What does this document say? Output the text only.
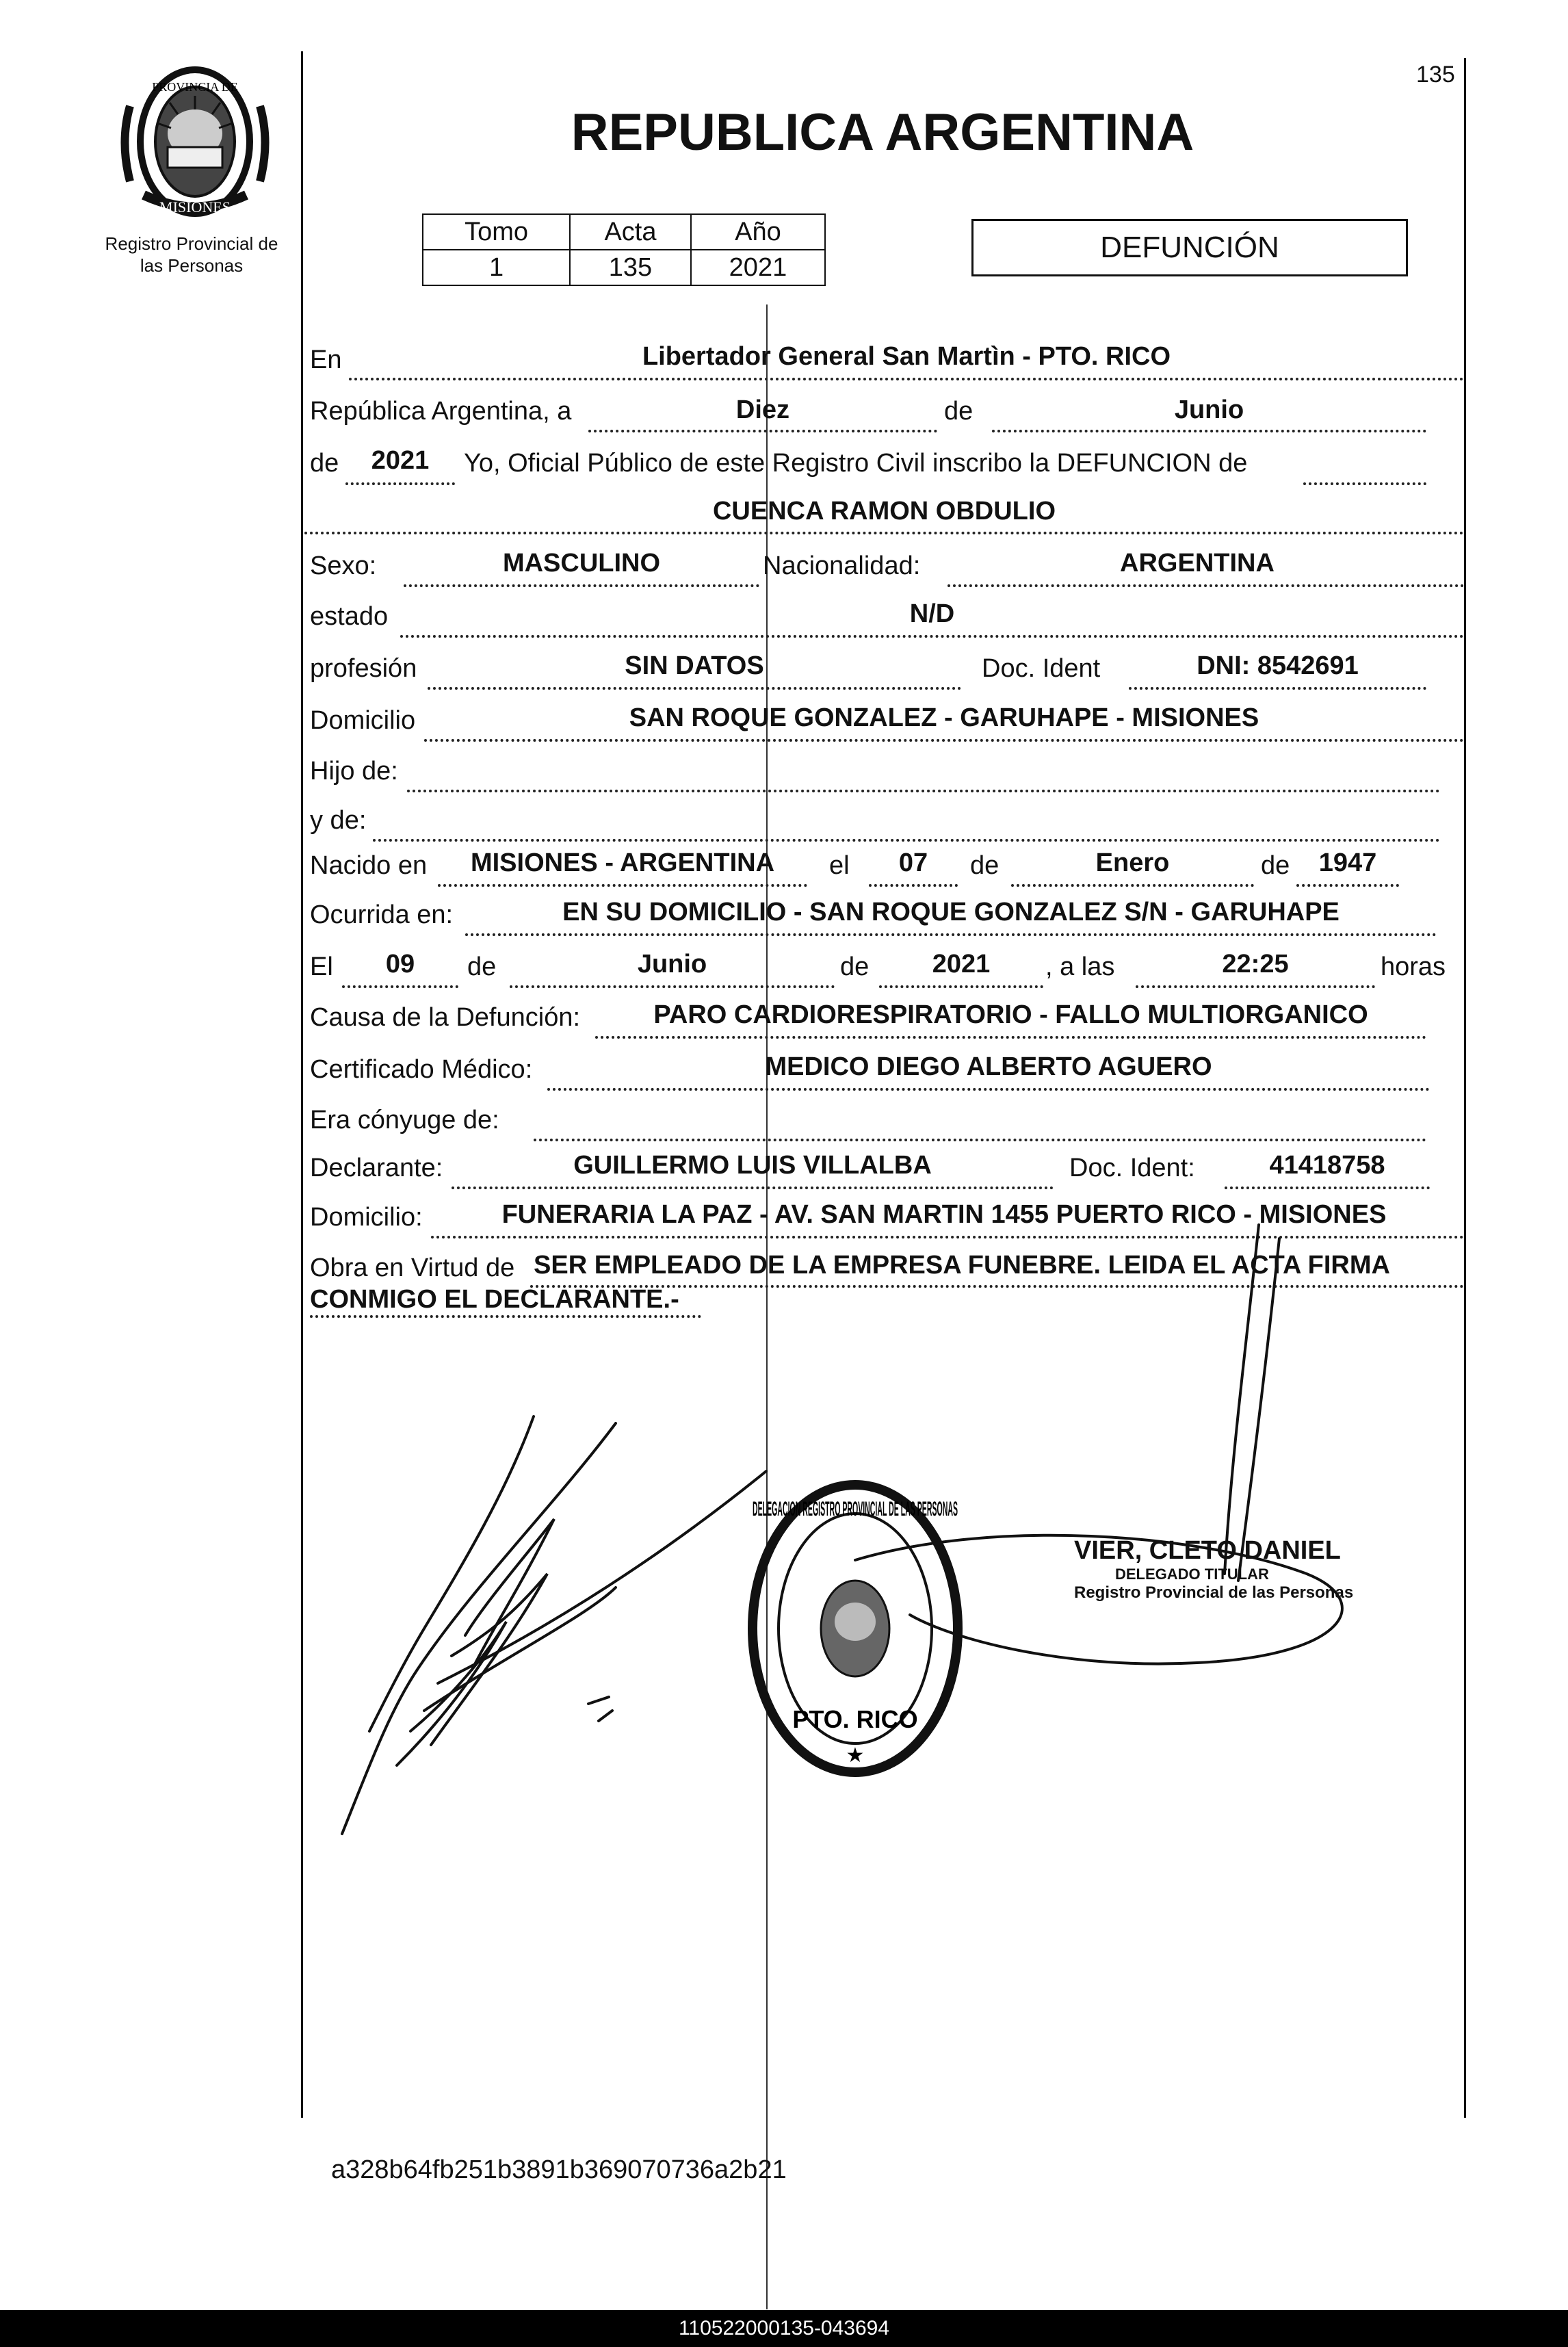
PROVINCIA DE
MISIONES
Registro Provincial de
las Personas
135
REPUBLICA ARGENTINA
Tomo	Acta	Año
1	135	2021
DEFUNCIÓN
En	Libertador General San Martìn - PTO. RICO
República Argentina, a	Diez	de	Junio
de	2021	Yo, Oficial Público de este Registro Civil inscribo la DEFUNCION de
CUENCA RAMON OBDULIO
Sexo:	MASCULINO	Nacionalidad:	ARGENTINA
estado	N/D
profesión	SIN DATOS	Doc. Ident	DNI: 8542691
Domicilio	SAN ROQUE GONZALEZ - GARUHAPE - MISIONES
Hijo de:
y de:
Nacido en	MISIONES - ARGENTINA	el	07	de	Enero	de	1947
Ocurrida en:	EN SU DOMICILIO - SAN ROQUE GONZALEZ S/N - GARUHAPE
El	09	de	Junio	de	2021	, a las	22:25	horas
Causa de la Defunción:	PARO CARDIORESPIRATORIO - FALLO MULTIORGANICO
Certificado Médico:	MEDICO DIEGO ALBERTO AGUERO
Era cónyuge de:
Declarante:	GUILLERMO LUIS VILLALBA	Doc. Ident:	41418758
Domicilio:	FUNERARIA LA PAZ - AV. SAN MARTIN 1455 PUERTO RICO - MISIONES
Obra en Virtud de SER EMPLEADO DE LA EMPRESA FUNEBRE. LEIDA EL ACTA FIRMA
CONMIGO EL DECLARANTE.-
DELEGACION REGISTRO PROVINCIAL DE LAS PERSONAS
PTO. RICO
★
VIER, CLETO DANIEL
DELEGADO TITULAR
Registro Provincial de las Personas
a328b64fb251b3891b369070736a2b21
110522000135-043694
